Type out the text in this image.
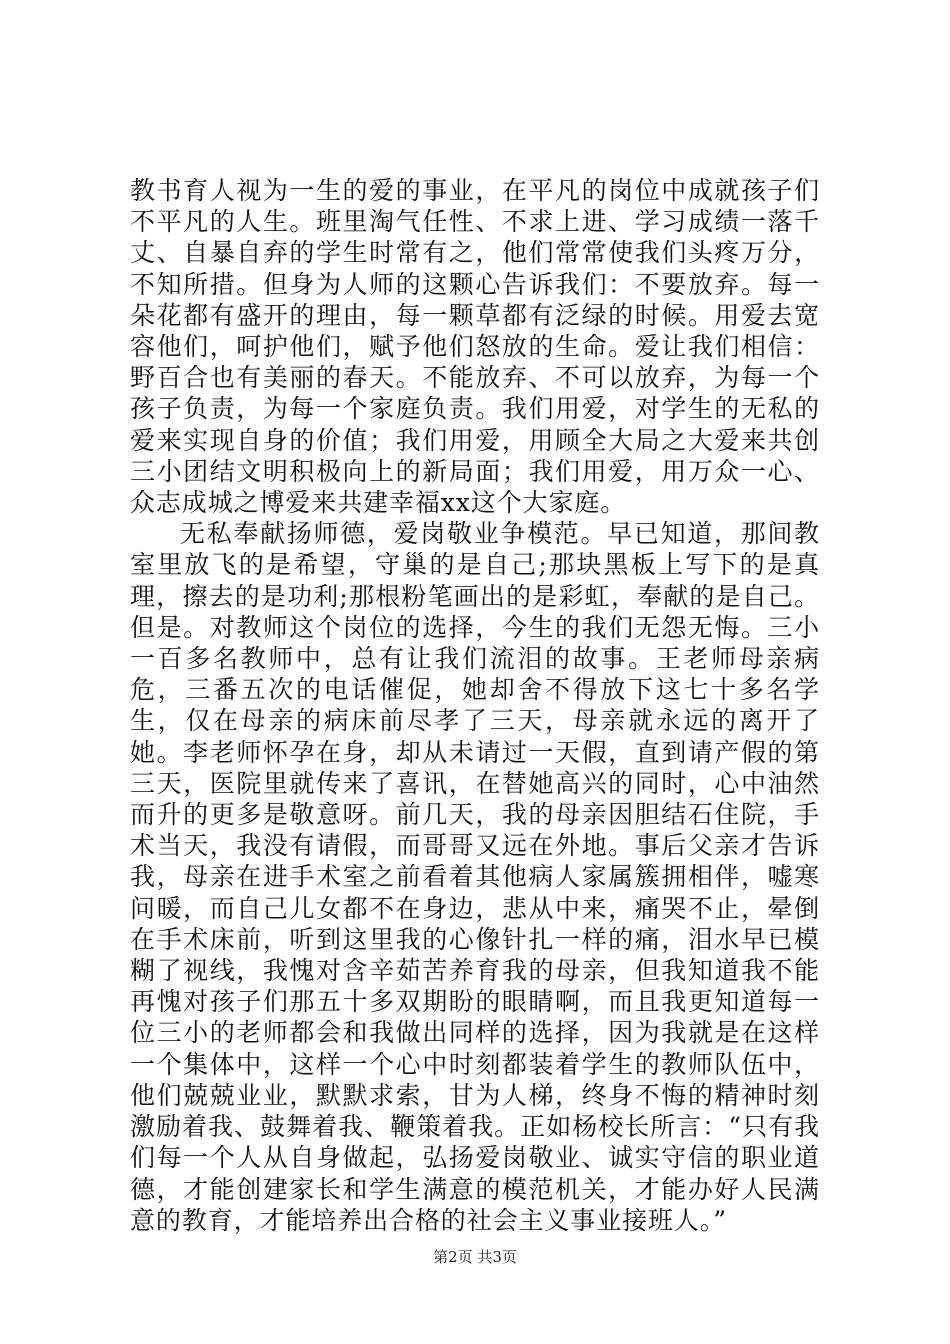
教书育人视为一生的爱的事业，在平凡的岗位中成就孩子们不平凡的人生。班里淘气任性、不求上进、学习成绩一落千丈、自暴自弃的学生时常有之，他们常常使我们头疼万分，不知所措。但身为人师的这颗心告诉我们：不要放弃。每一朵花都有盛开的理由，每一颗草都有泛绿的时候。用爱去宽容他们，呵护他们，赋予他们怒放的生命。爱让我们相信：野百合也有美丽的春天。不能放弃、不可以放弃，为每一个孩子负责，为每一个家庭负责。我们用爱，对学生的无私的爱来实现自身的价值；我们用爱，用顾全大局之大爱来共创三小团结文明积极向上的新局面；我们用爱，用万众一心、众志成城之博爱来共建幸福xx这个大家庭。

无私奉献扬师德，爱岗敬业争模范。早已知道，那间教室里放飞的是希望，守巢的是自己;那块黑板上写下的是真理，擦去的是功利;那根粉笔画出的是彩虹，奉献的是自己。但是。对教师这个岗位的选择，今生的我们无怨无悔。三小一百多名教师中，总有让我们流泪的故事。王老师母亲病危，三番五次的电话催促，她却舍不得放下这七十多名学生，仅在母亲的病床前尽孝了三天，母亲就永远的离开了她。李老师怀孕在身，却从未请过一天假，直到请产假的第三天，医院里就传来了喜讯，在替她高兴的同时，心中油然而升的更多是敬意呀。前几天，我的母亲因胆结石住院，手术当天，我没有请假，而哥哥又远在外地。事后父亲才告诉我，母亲在进手术室之前看着其他病人家属簇拥相伴，嘘寒问暖，而自己儿女都不在身边，悲从中来，痛哭不止，晕倒在手术床前，听到这里我的心像针扎一样的痛，泪水早已模糊了视线，我愧对含辛茹苦养育我的母亲，但我知道我不能再愧对孩子们那五十多双期盼的眼睛啊，而且我更知道每一位三小的老师都会和我做出同样的选择，因为我就是在这样一个集体中，这样一个心中时刻都装着学生的教师队伍中，他们兢兢业业，默默求索，甘为人梯，终身不悔的精神时刻激励着我、鼓舞着我、鞭策着我。正如杨校长所言：“只有我们每一个人从自身做起，弘扬爱岗敬业、诚实守信的职业道德，才能创建家长和学生满意的模范机关，才能办好人民满意的教育，才能培养出合格的社会主义事业接班人。”

第2页 共3页
